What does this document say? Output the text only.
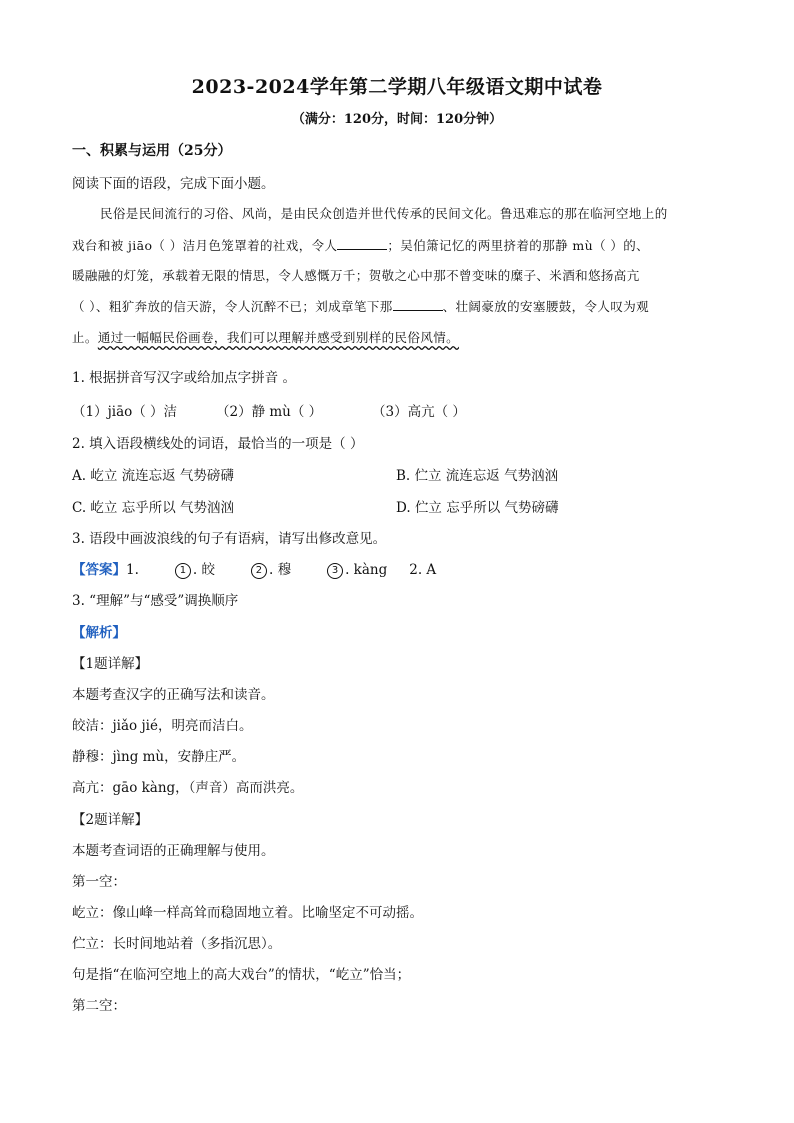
2023-2024学年第二学期八年级语文期中试卷
（满分：120分，时间：120分钟）
一、积累与运用（25分）
阅读下面的语段，完成下面小题。
民俗是民间流行的习俗、风尚，是由民众创造并世代传承的民间文化。鲁迅难忘的那在临河空地上的
戏台和被 jiāo（ ）洁月色笼罩着的社戏，令人	；吴伯箫记忆的两里挤着的那静 mù（ ）的、
暖融融的灯笼，承载着无限的情思，令人感慨万千；贺敬之心中那不曾变味的糜子、米酒和悠扬高亢
（ ）、粗犷奔放的信天游，令人沉醉不已；刘成章笔下那	、壮阔豪放的安塞腰鼓，令人叹为观
止。通过一幅幅民俗画卷，我们可以理解并感受到别样的民俗风情。
1. 根据拼音写汉字或给加点字拼音 。
（1）jiāo（ ）洁	（2）静 mù（ ）	（3）高亢（ ）
2. 填入语段横线处的词语，最恰当的一项是（ ）
A. 屹立 流连忘返 气势磅礴	B. 伫立 流连忘返 气势汹汹
C. 屹立 忘乎所以 气势汹汹	D. 伫立 忘乎所以 气势磅礴
3. 语段中画波浪线的句子有语病，请写出修改意见。
【答案】1.	1 . 皎	2 . 穆	3 . kàng 2. A
3. “理解”与“感受”调换顺序
【解析】
【1题详解】
本题考查汉字的正确写法和读音。
皎洁：jiǎo jié，明亮而洁白。
静穆：jìng mù，安静庄严。
高亢：gāo kàng，（声音）高而洪亮。
【2题详解】
本题考查词语的正确理解与使用。
第一空：
屹立：像山峰一样高耸而稳固地立着。比喻坚定不可动摇。
伫立：长时间地站着（多指沉思）。
句是指“在临河空地上的高大戏台”的情状，“屹立”恰当；
第二空：
